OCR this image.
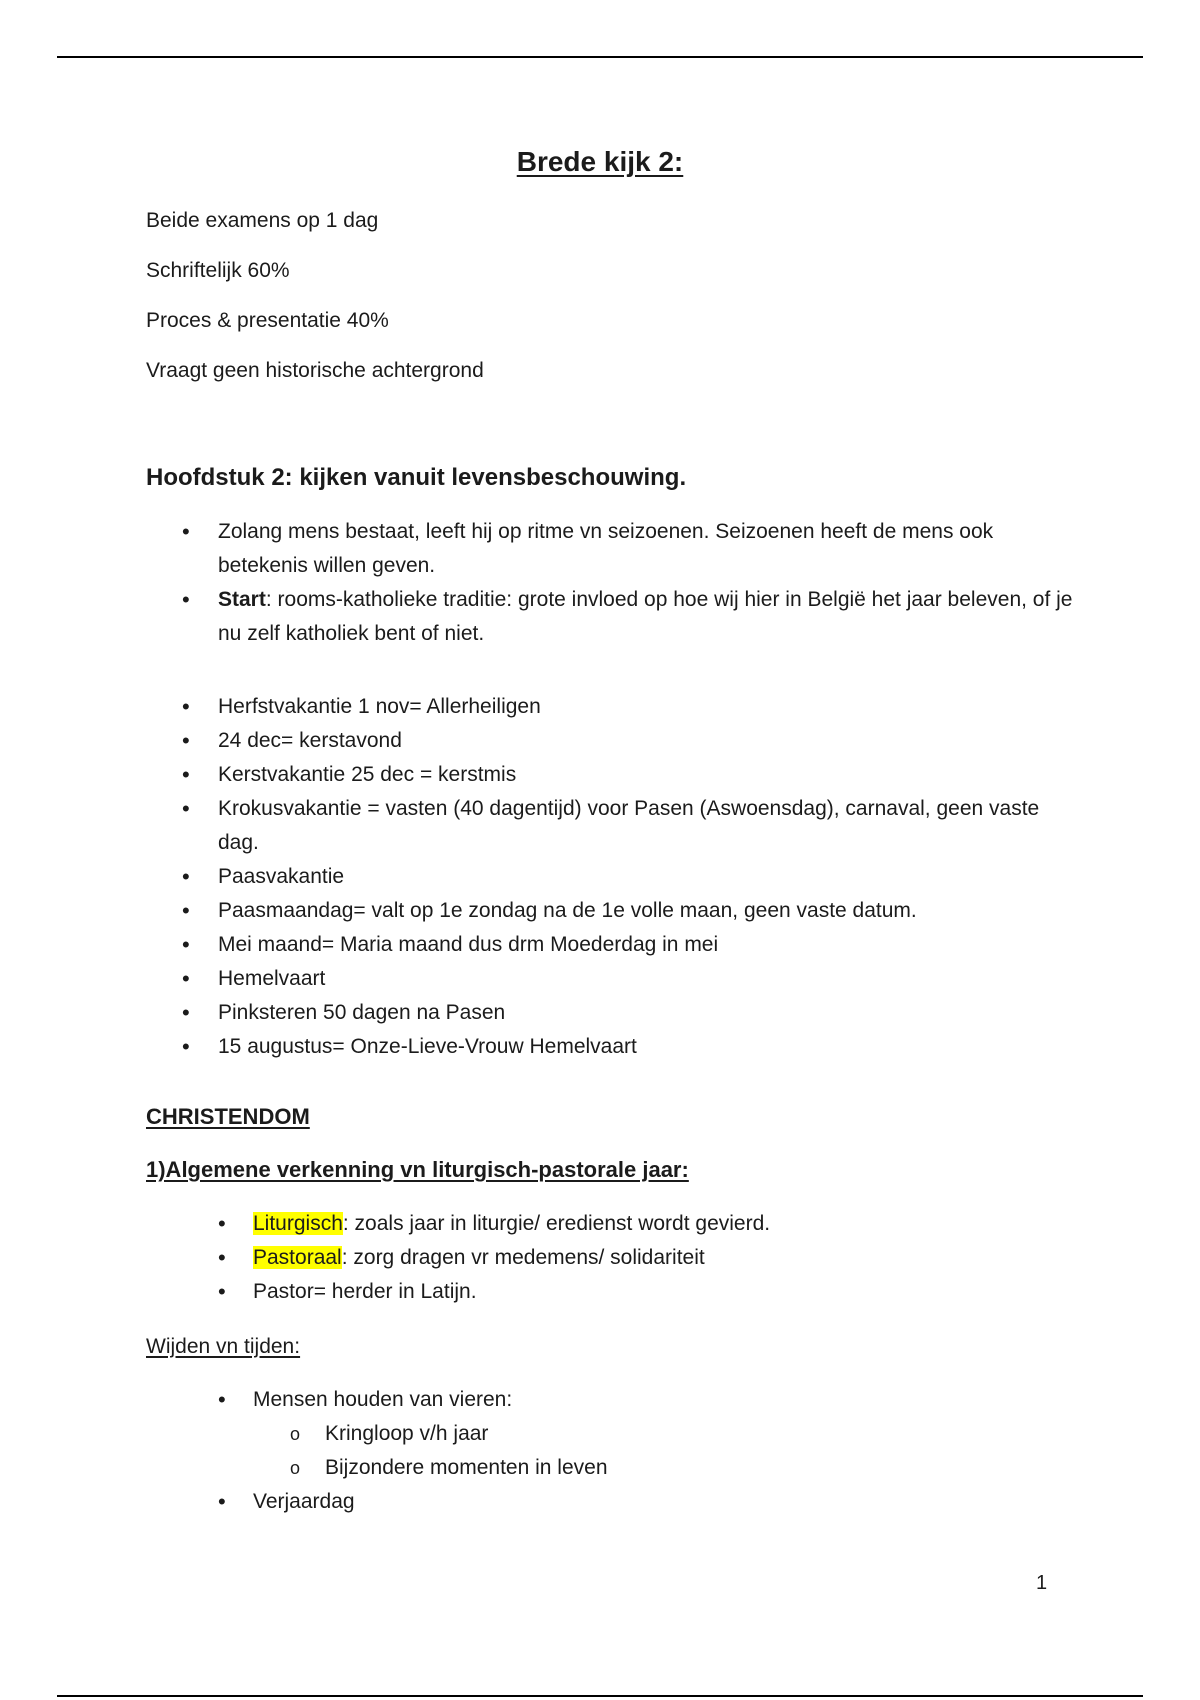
Brede kijk 2:

Beide examens op 1 dag

Schriftelijk 60%

Proces & presentatie 40%

Vraagt geen historische achtergrond

Hoofdstuk 2: kijken vanuit levensbeschouwing.
• Zolang mens bestaat, leeft hij op ritme vn seizoenen. Seizoenen heeft de mens ook betekenis willen geven.
• Start: rooms-katholieke traditie: grote invloed op hoe wij hier in België het jaar beleven, of je nu zelf katholiek bent of niet.
• Herfstvakantie 1 nov= Allerheiligen
• 24 dec= kerstavond
• Kerstvakantie 25 dec = kerstmis
• Krokusvakantie = vasten (40 dagentijd) voor Pasen (Aswoensdag), carnaval, geen vaste dag.
• Paasvakantie
• Paasmaandag= valt op 1e zondag na de 1e volle maan, geen vaste datum.
• Mei maand= Maria maand dus drm Moederdag in mei
• Hemelvaart
• Pinksteren 50 dagen na Pasen
• 15 augustus= Onze-Lieve-Vrouw Hemelvaart
CHRISTENDOM
1)Algemene verkenning vn liturgisch-pastorale jaar:
• Liturgisch: zoals jaar in liturgie/ eredienst wordt gevierd.
• Pastoraal: zorg dragen vr medemens/ solidariteit
• Pastor= herder in Latijn.

Wijden vn tijden:

• Mensen houden van vieren:
o Kringloop v/h jaar
o Bijzondere momenten in leven
• Verjaardag
1
